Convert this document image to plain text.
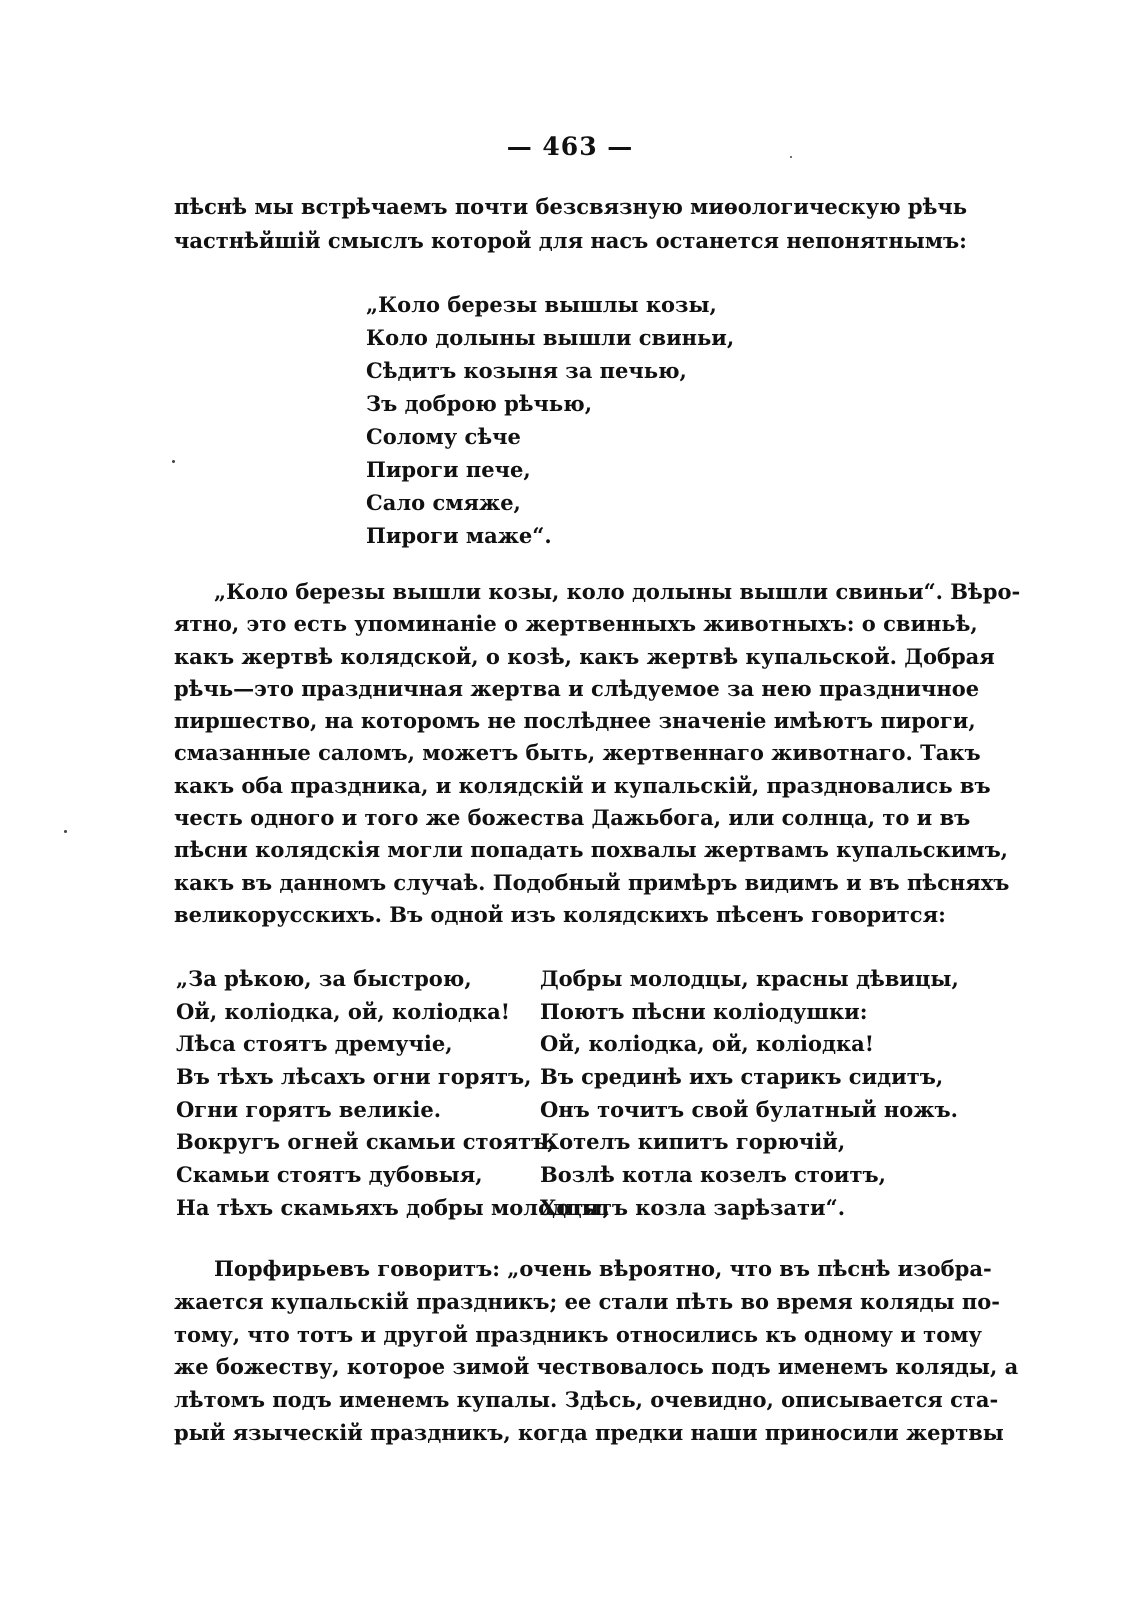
— 463 —
пѣснѣ мы встрѣчаемъ почти безсвязную миѳологическую рѣчь
частнѣйшій смыслъ которой для насъ останется непонятнымъ:
„Коло березы вышлы козы,
Коло долыны вышли свиньи,
Сѣдитъ козыня за печью,
Зъ доброю рѣчью,
Солому сѣче
Пироги пече,
Сало смяже,
Пироги маже“.
„Коло березы вышли козы, коло долыны вышли свиньи“. Вѣро-
ятно, это есть упоминаніе о жертвенныхъ животныхъ: о свиньѣ,
какъ жертвѣ колядской, о козѣ, какъ жертвѣ купальской. Добрая
рѣчь—это праздничная жертва и слѣдуемое за нею праздничное
пиршество, на которомъ не послѣднее значеніе имѣютъ пироги,
смазанные саломъ, можетъ быть, жертвеннаго животнаго. Такъ
какъ оба праздника, и колядскій и купальскій, праздновались въ
честь одного и того же божества Дажьбога, или солнца, то и въ
пѣсни колядскія могли попадать похвалы жертвамъ купальскимъ,
какъ въ данномъ случаѣ. Подобный примѣръ видимъ и въ пѣсняхъ
великорусскихъ. Въ одной изъ колядскихъ пѣсенъ говорится:
„За рѣкою, за быстрою,
Ой, коліодка, ой, коліодка!
Лѣса стоятъ дремучіе,
Въ тѣхъ лѣсахъ огни горятъ,
Огни горятъ великіе.
Вокругъ огней скамьи стоятъ,
Скамьи стоятъ дубовыя,
На тѣхъ скамьяхъ добры молодцы,
Добры молодцы, красны дѣвицы,
Поютъ пѣсни коліодушки:
Ой, коліодка, ой, коліодка!
Въ срединѣ ихъ старикъ сидитъ,
Онъ точитъ свой булатный ножъ.
Котелъ кипитъ горючій,
Возлѣ котла козелъ стоитъ,
Хотятъ козла зарѣзати“.
Порфирьевъ говоритъ: „очень вѣроятно, что въ пѣснѣ изобра-
жается купальскій праздникъ; ее стали пѣть во время коляды по-
тому, что тотъ и другой праздникъ относились къ одному и тому
же божеству, которое зимой чествовалось подъ именемъ коляды, а
лѣтомъ подъ именемъ купалы. Здѣсь, очевидно, описывается ста-
рый языческій праздникъ, когда предки наши приносили жертвы
